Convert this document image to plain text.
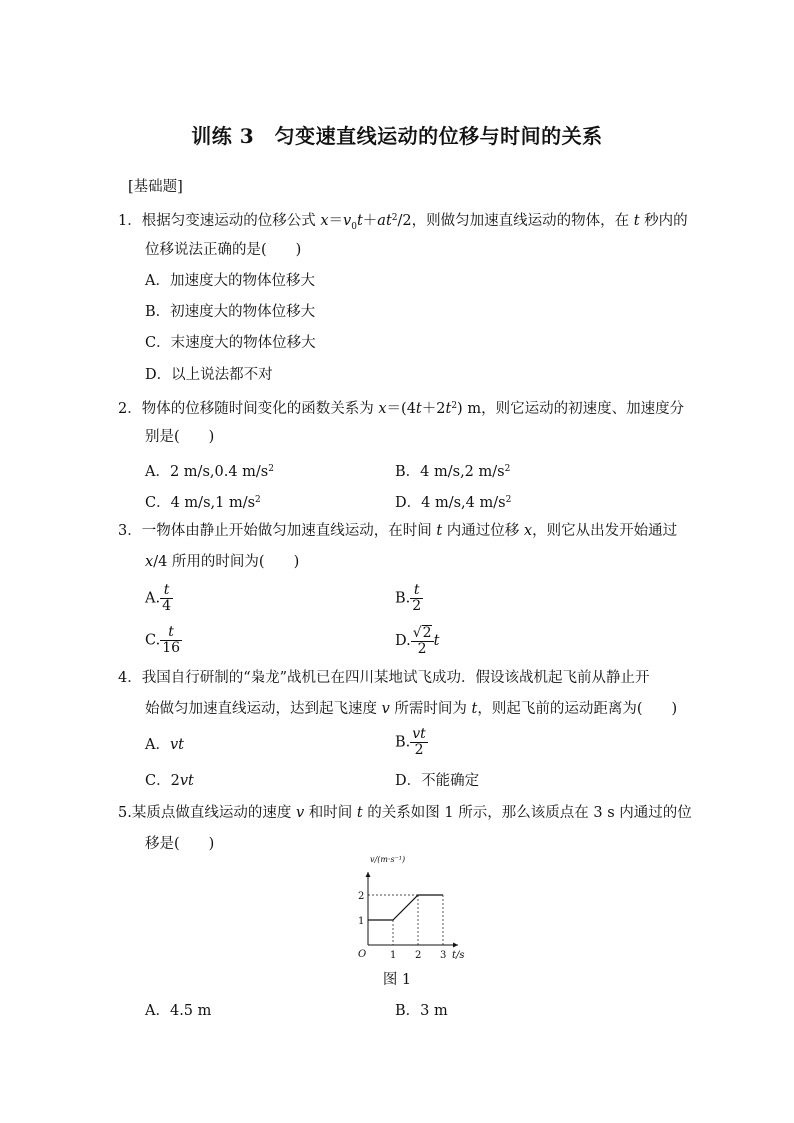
训练 3　匀变速直线运动的位移与时间的关系
[基础题]
1．根据匀变速运动的位移公式 $x=v_0t+at^2/2$，则做匀加速直线运动的物体，在 t 秒内的
位移说法正确的是(　　)
A．加速度大的物体位移大
B．初速度大的物体位移大
C．末速度大的物体位移大
D．以上说法都不对
2．物体的位移随时间变化的函数关系为 $x=(4t+2t^2)$ m，则它运动的初速度、加速度分
别是(　　)
A．2 m/s,0.4 $m/s^2$	B．4 m/s,2 $m/s^2$
C．4 m/s,1 $m/s^2$	D．4 m/s,4 $m/s^2$
3．一物体由静止开始做匀加速直线运动，在时间 t 内通过位移 x，则它从出发开始通过
x/4 所用的时间为(　　)
A. $\frac{t}{4}$	B. $\frac{t}{2}$
C. $\frac{t}{16}$	D. $\frac{√2}{2}$ t
4．我国自行研制的“枭龙”战机已在四川某地试飞成功．假设该战机起飞前从静止开
始做匀加速直线运动，达到起飞速度 v 所需时间为 t，则起飞前的运动距离为(　　)
A．vt	B. $\frac{vt}{2}$
C．2vt	D．不能确定
5.某质点做直线运动的速度 v 和时间 t 的关系如图 1 所示，那么该质点在 3 s 内通过的位
移是(　　)
v/(m·s⁻¹)
t/s
O 1 2 3
1
2
图 1
A．4.5 m	B．3 m
